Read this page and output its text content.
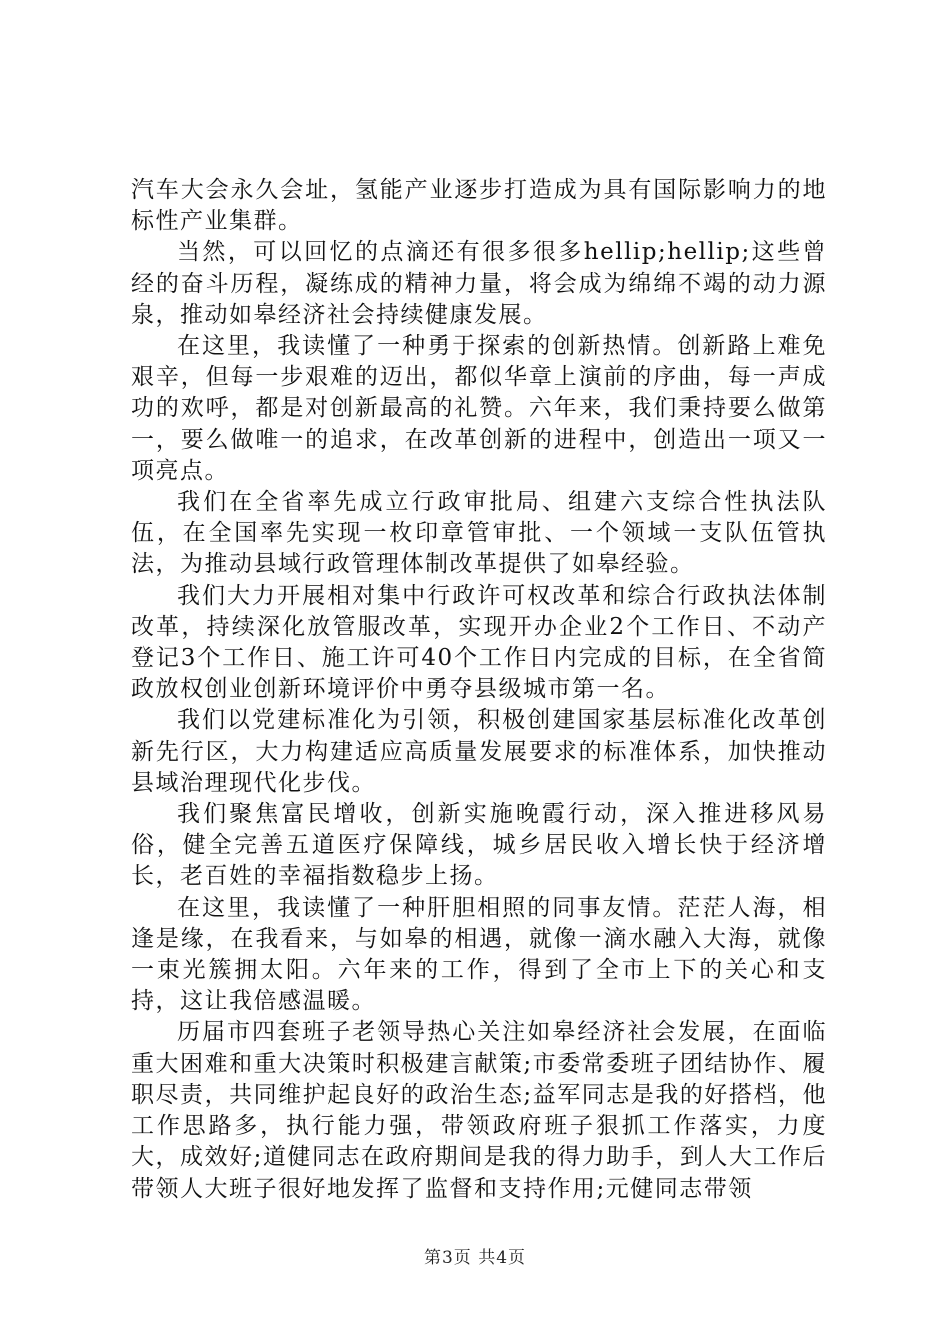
汽车大会永久会址，氢能产业逐步打造成为具有国际影响力的地标性产业集群。

当然，可以回忆的点滴还有很多很多hellip;hellip;这些曾经的奋斗历程，凝练成的精神力量，将会成为绵绵不竭的动力源泉，推动如皋经济社会持续健康发展。

在这里，我读懂了一种勇于探索的创新热情。创新路上难免艰辛，但每一步艰难的迈出，都似华章上演前的序曲，每一声成功的欢呼，都是对创新最高的礼赞。六年来，我们秉持要么做第一，要么做唯一的追求，在改革创新的进程中，创造出一项又一项亮点。

我们在全省率先成立行政审批局、组建六支综合性执法队伍，在全国率先实现一枚印章管审批、一个领域一支队伍管执法，为推动县域行政管理体制改革提供了如皋经验。

我们大力开展相对集中行政许可权改革和综合行政执法体制改革，持续深化放管服改革，实现开办企业2个工作日、不动产登记3个工作日、施工许可40个工作日内完成的目标，在全省简政放权创业创新环境评价中勇夺县级城市第一名。

我们以党建标准化为引领，积极创建国家基层标准化改革创新先行区，大力构建适应高质量发展要求的标准体系，加快推动县域治理现代化步伐。

我们聚焦富民增收，创新实施晚霞行动，深入推进移风易俗，健全完善五道医疗保障线，城乡居民收入增长快于经济增长，老百姓的幸福指数稳步上扬。

在这里，我读懂了一种肝胆相照的同事友情。茫茫人海，相逢是缘，在我看来，与如皋的相遇，就像一滴水融入大海，就像一束光簇拥太阳。六年来的工作，得到了全市上下的关心和支持，这让我倍感温暖。

历届市四套班子老领导热心关注如皋经济社会发展，在面临重大困难和重大决策时积极建言献策;市委常委班子团结协作、履职尽责，共同维护起良好的政治生态;益军同志是我的好搭档，他工作思路多，执行能力强，带领政府班子狠抓工作落实，力度大，成效好;道健同志在政府期间是我的得力助手，到人大工作后带领人大班子很好地发挥了监督和支持作用;元健同志带领

第3页 共4页
